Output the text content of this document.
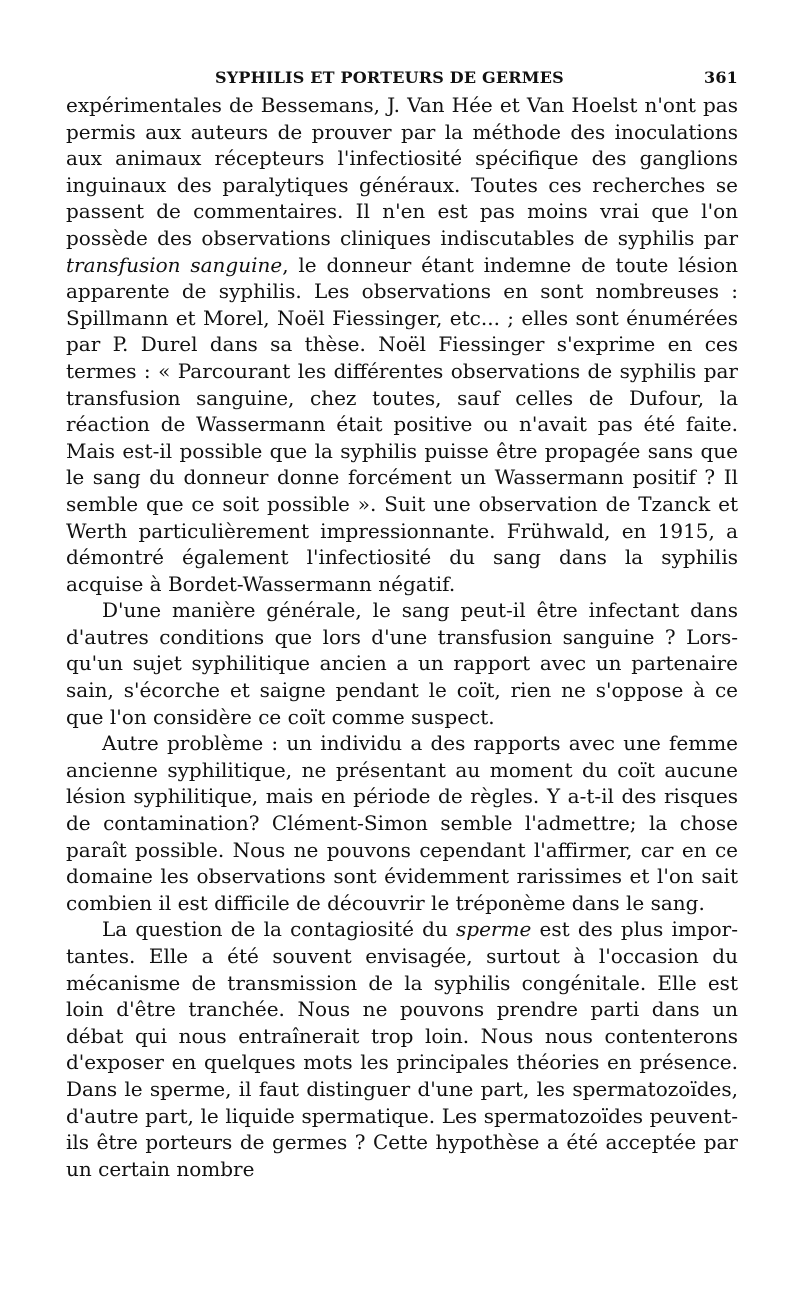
SYPHILIS ET PORTEURS DE GERMES	361

expérimentales de Bessemans, J. Van Hée et Van Hoelst n'ont pas permis aux auteurs de prouver par la méthode des inoculations aux animaux récepteurs l'infectiosité spécifique des ganglions inguinaux des paralytiques généraux. Toutes ces recherches se passent de commentaires. Il n'en est pas moins vrai que l'on possède des observations cliniques indiscutables de syphilis par transfusion sanguine, le donneur étant indemne de toute lésion apparente de syphilis. Les observations en sont nombreuses : Spillmann et Morel, Noël Fiessinger, etc... ; elles sont énumérées par P. Durel dans sa thèse. Noël Fiessinger s'exprime en ces termes : « Parcourant les différentes observations de syphilis par transfusion sanguine, chez toutes, sauf celles de Dufour, la réaction de Wassermann était positive ou n'avait pas été faite. Mais est-il possible que la syphilis puisse être propagée sans que le sang du donneur donne forcément un Wassermann positif ? Il semble que ce soit possible ». Suit une observation de Tzanck et Werth particulièrement impressionnante. Frühwald, en 1915, a démontré également l'infectiosité du sang dans la syphilis acquise à Bordet-Wassermann négatif.

D'une manière générale, le sang peut-il être infectant dans d'autres conditions que lors d'une transfusion sanguine ? Lorsqu'un sujet syphilitique ancien a un rapport avec un partenaire sain, s'écorche et saigne pendant le coït, rien ne s'oppose à ce que l'on considère ce coït comme suspect.

Autre problème : un individu a des rapports avec une femme ancienne syphilitique, ne présentant au moment du coït aucune lésion syphilitique, mais en période de règles. Y a-t-il des risques de contamination? Clément-Simon semble l'admettre; la chose paraît possible. Nous ne pouvons cependant l'affirmer, car en ce domaine les observations sont évidemment rarissimes et l'on sait combien il est difficile de découvrir le tréponème dans le sang.

La question de la contagiosité du sperme est des plus importantes. Elle a été souvent envisagée, surtout à l'occasion du mécanisme de transmission de la syphilis congénitale. Elle est loin d'être tranchée. Nous ne pouvons prendre parti dans un débat qui nous entraînerait trop loin. Nous nous contenterons d'exposer en quelques mots les principales théories en présence. Dans le sperme, il faut distinguer d'une part, les spermatozoïdes, d'autre part, le liquide spermatique. Les spermatozoïdes peuvent-ils être porteurs de germes ? Cette hypothèse a été acceptée par un certain nombre
